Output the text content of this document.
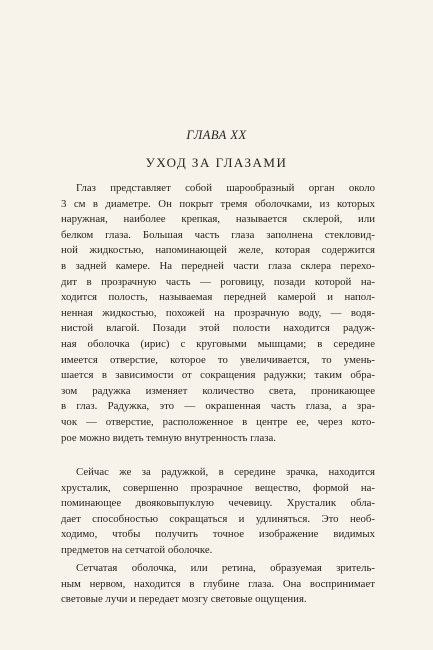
ГЛАВА XX
УХОД ЗА ГЛАЗАМИ
Глаз представляет собой шарообразный орган около
3 см в диаметре. Он покрыт тремя оболочками, из которых
наружная, наиболее крепкая, называется склерой, или
белком глаза. Большая часть глаза заполнена стекловид-
ной жидкостью, напоминающей желе, которая содержится
в задней камере. На передней части глаза склера перехо-
дит в прозрачную часть — роговицу, позади которой на-
ходится полость, называемая передней камерой и напол-
ненная жидкостью, похожей на прозрачную воду, — водя-
нистой влагой. Позади этой полости находится радуж-
ная оболочка (ирис) с круговыми мышцами; в середине
имеется отверстие, которое то увеличивается, то умень-
шается в зависимости от сокращения радужки; таким обра-
зом радужка изменяет количество света, проникающее
в глаз. Радужка, это — окрашенная часть глаза, а зра-
чок — отверстие, расположенное в центре ее, через кото-
рое можно видеть темную внутренность глаза.
Сейчас же за радужкой, в середине зрачка, находится
хрусталик, совершенно прозрачное вещество, формой на-
поминающее двояковыпуклую чечевицу. Хрусталик обла-
дает способностью сокращаться и удлиняться. Это необ-
ходимо, чтобы получить точное изображение видимых
предметов на сетчатой оболочке.
Сетчатая оболочка, или ретина, образуемая зритель-
ным нервом, находится в глубине глаза. Она воспринимает
световые лучи и передает мозгу световые ощущения.
